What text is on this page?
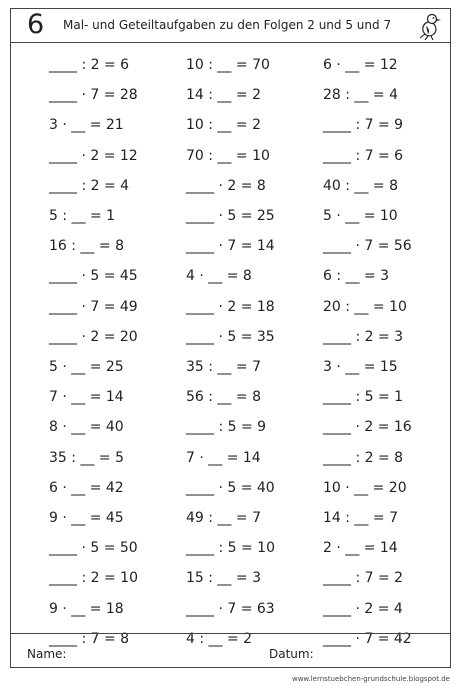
6 Mal- und Geteiltaufgaben zu den Folgen 2 und 5 und 7
____ : 2 = 6	10 : __ = 70	6 · __ = 12
____ · 7 = 28	14 : __ = 2	28 : __ = 4
3 · __ = 21	10 : __ = 2	____ : 7 = 9
____ · 2 = 12	70 : __ = 10	____ : 7 = 6
____ : 2 = 4	____ · 2 = 8	40 : __ = 8
5 : __ = 1	____ · 5 = 25	5 · __ = 10
16 : __ = 8	____ · 7 = 14	____ · 7 = 56
____ · 5 = 45	4 · __ = 8	6 : __ = 3
____ · 7 = 49	____ · 2 = 18	20 : __ = 10
____ · 2 = 20	____ · 5 = 35	____ : 2 = 3
5 · __ = 25	35 : __ = 7	3 · __ = 15
7 · __ = 14	56 : __ = 8	____ : 5 = 1
8 · __ = 40	____ : 5 = 9	____ · 2 = 16
35 : __ = 5	7 · __ = 14	____ : 2 = 8
6 · __ = 42	____ · 5 = 40	10 · __ = 20
9 · __ = 45	49 : __ = 7	14 : __ = 7
____ · 5 = 50	____ : 5 = 10	2 · __ = 14
____ : 2 = 10	15 : __ = 3	____ : 7 = 2
9 · __ = 18	____ · 7 = 63	____ · 2 = 4
____ : 7 = 8	4 : __ = 2	____ · 7 = 42
Name:	Datum:
www.lernstuebchen-grundschule.blogspot.de
